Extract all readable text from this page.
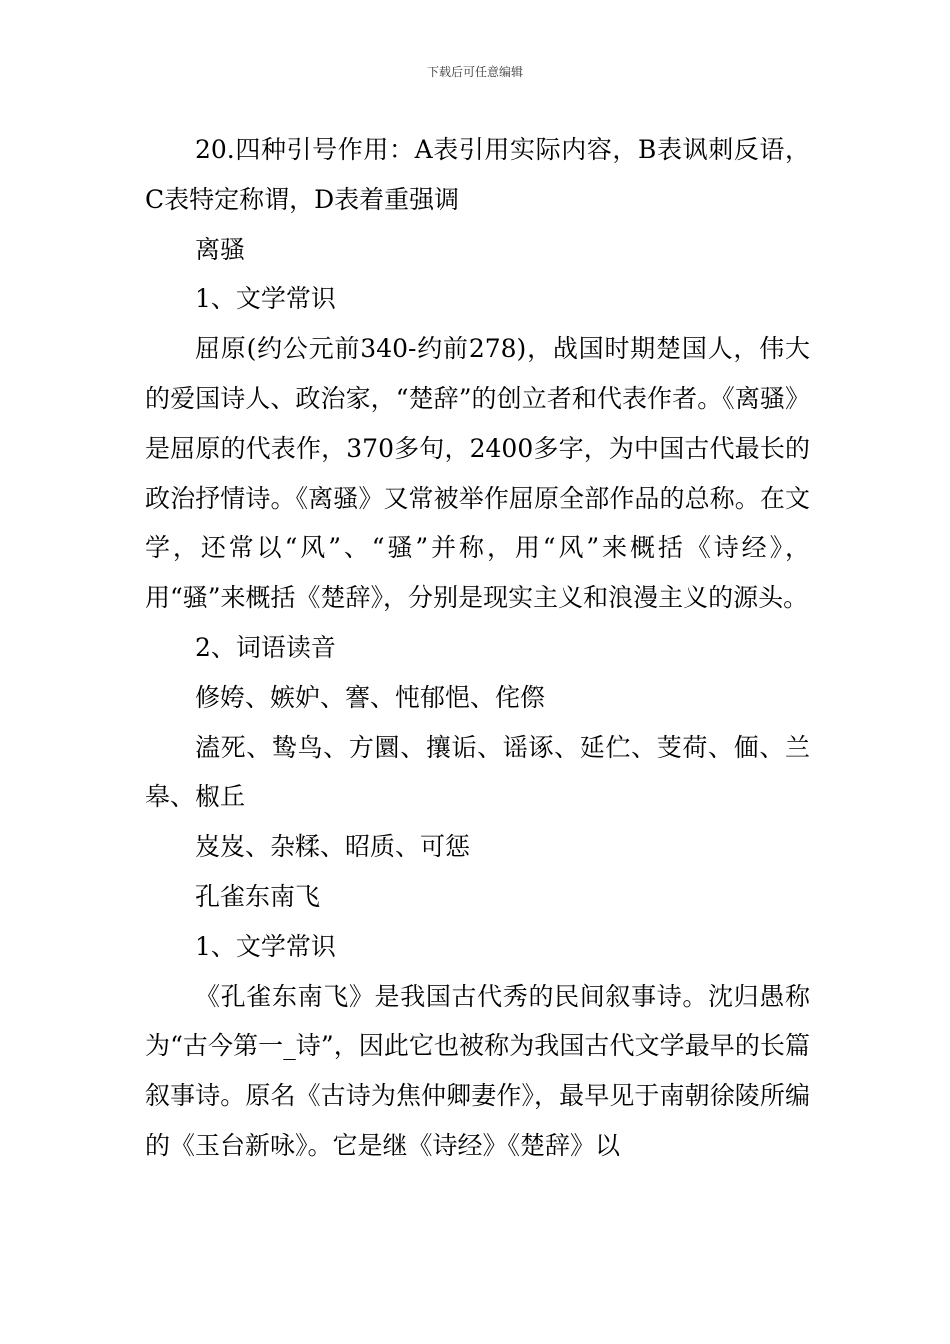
下载后可任意编辑

20.四种引号作用：A表引用实际内容，B表讽刺反语，C表特定称谓，D表着重强调

离骚

1、文学常识

屈原(约公元前340-约前278)，战国时期楚国人，伟大的爱国诗人、政治家，“楚辞”的创立者和代表作者。《离骚》是屈原的代表作，370多句，2400多字，为中国古代最长的政治抒情诗。《离骚》又常被举作屈原全部作品的总称。在文学，还常以“风”、“骚”并称，用“风”来概括《诗经》，用“骚”来概括《楚辞》，分别是现实主义和浪漫主义的源头。

2、词语读音

修姱、嫉妒、謇、忳郁悒、侘傺

溘死、鸷鸟、方圜、攘诟、谣诼、延伫、芰荷、偭、兰皋、椒丘

岌岌、杂糅、昭质、可惩

孔雀东南飞

1、文学常识

《孔雀东南飞》是我国古代秀的民间叙事诗。沈归愚称为“古今第一_诗”，因此它也被称为我国古代文学最早的长篇叙事诗。原名《古诗为焦仲卿妻作》，最早见于南朝徐陵所编的《玉台新咏》。它是继《诗经》《楚辞》以
